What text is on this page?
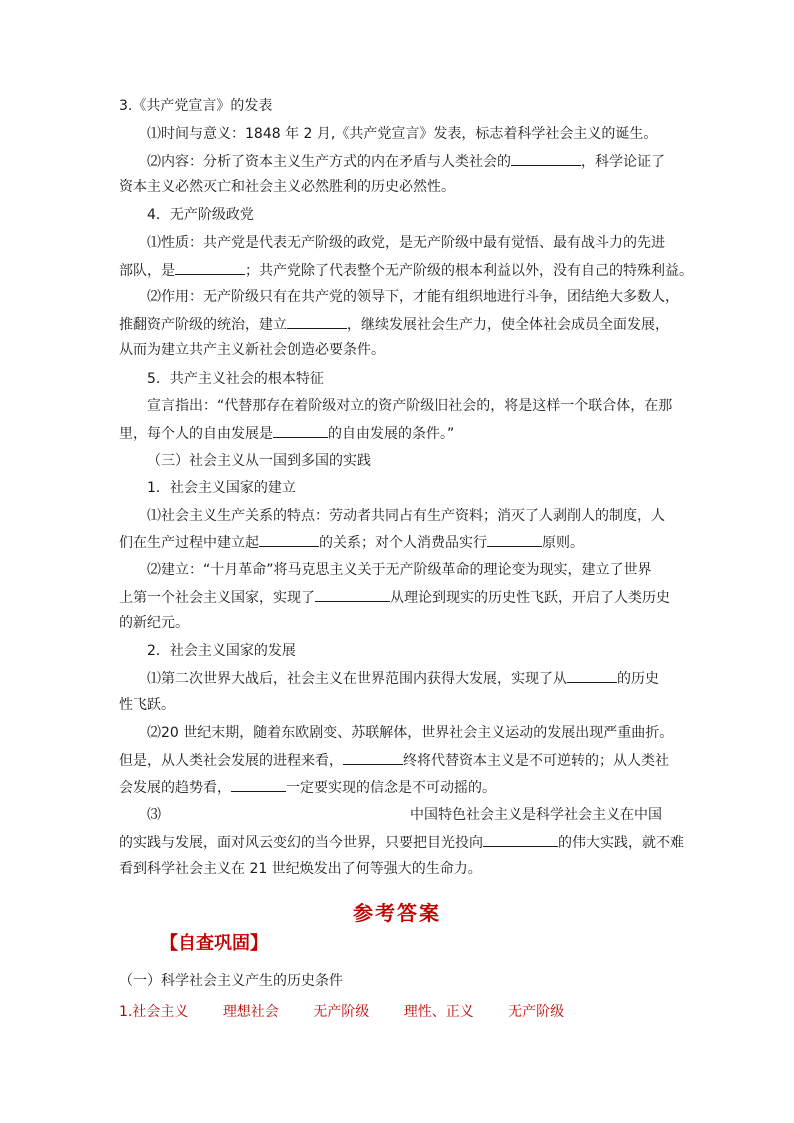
3.《共产党宣言》的发表
⑴时间与意义：1848 年 2 月,《共产党宣言》发表，标志着科学社会主义的诞生。
⑵内容：分析了资本主义生产方式的内在矛盾与人类社会的	，科学论证了
资本主义必然灭亡和社会主义必然胜利的历史必然性。
4．无产阶级政党
⑴性质：共产党是代表无产阶级的政党，是无产阶级中最有觉悟、最有战斗力的先进
部队，是	；共产党除了代表整个无产阶级的根本利益以外，没有自己的特殊利益。
⑵作用：无产阶级只有在共产党的领导下，才能有组织地进行斗争，团结绝大多数人，
推翻资产阶级的统治，建立	，继续发展社会生产力，使全体社会成员全面发展，
从而为建立共产主义新社会创造必要条件。
5．共产主义社会的根本特征
宣言指出：“代替那存在着阶级对立的资产阶级旧社会的，将是这样一个联合体，在那
里，每个人的自由发展是	的自由发展的条件。”
（三）社会主义从一国到多国的实践
1．社会主义国家的建立
⑴社会主义生产关系的特点：劳动者共同占有生产资料；消灭了人剥削人的制度，人
们在生产过程中建立起	的关系；对个人消费品实行	原则。
⑵建立：“十月革命”将马克思主义关于无产阶级革命的理论变为现实，建立了世界
上第一个社会主义国家，实现了	从理论到现实的历史性飞跃，开启了人类历史
的新纪元。
2．社会主义国家的发展
⑴第二次世界大战后，社会主义在世界范围内获得大发展，实现了从	的历史
性飞跃。
⑵20 世纪末期，随着东欧剧变、苏联解体，世界社会主义运动的发展出现严重曲折。
但是，从人类社会发展的进程来看，	终将代替资本主义是不可逆转的；从人类社
会发展的趋势看，	一定要实现的信念是不可动摇的。
⑶	中国特色社会主义是科学社会主义在中国
的实践与发展，面对风云变幻的当今世界，只要把目光投向	的伟大实践，就不难
看到科学社会主义在 21 世纪焕发出了何等强大的生命力。
参考答案
【自查巩固】
（一）科学社会主义产生的历史条件
1.社会主义 理想社会 无产阶级 理性、正义 无产阶级
